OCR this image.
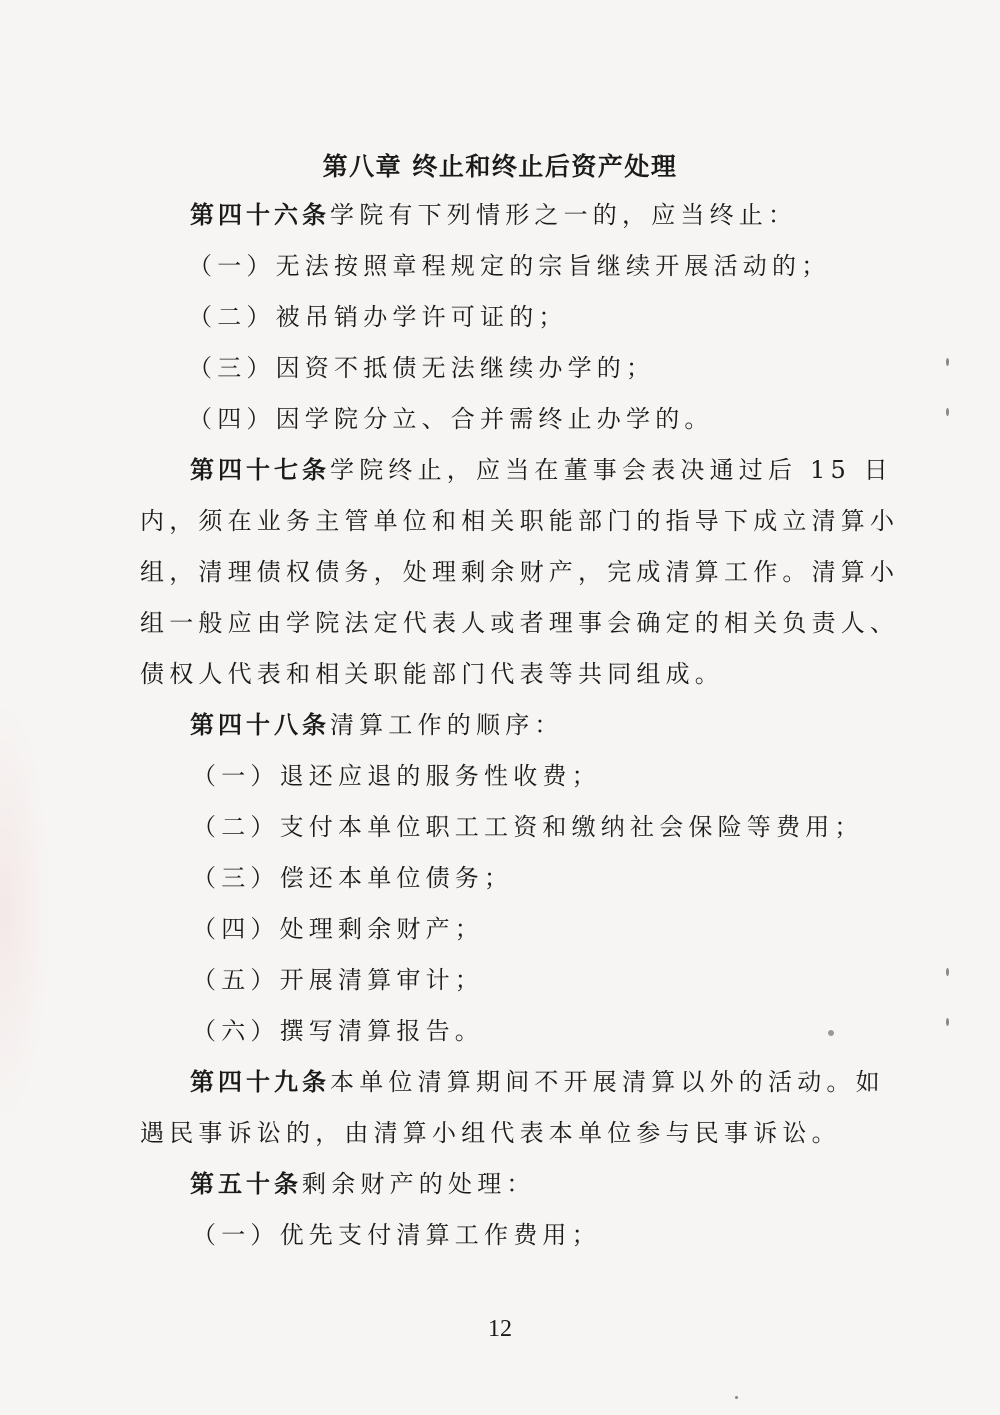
第八章 终止和终止后资产处理
第四十六条学院有下列情形之一的，应当终止：
（一）无法按照章程规定的宗旨继续开展活动的；
（二）被吊销办学许可证的；
（三）因资不抵债无法继续办学的；
（四）因学院分立、合并需终止办学的。
第四十七条学院终止，应当在董事会表决通过后 15 日
内，须在业务主管单位和相关职能部门的指导下成立清算小
组，清理债权债务，处理剩余财产，完成清算工作。清算小
组一般应由学院法定代表人或者理事会确定的相关负责人、
债权人代表和相关职能部门代表等共同组成。
第四十八条清算工作的顺序：
（一）退还应退的服务性收费；
（二）支付本单位职工工资和缴纳社会保险等费用；
（三）偿还本单位债务；
（四）处理剩余财产；
（五）开展清算审计；
（六）撰写清算报告。
第四十九条本单位清算期间不开展清算以外的活动。如
遇民事诉讼的，由清算小组代表本单位参与民事诉讼。
第五十条剩余财产的处理：
（一）优先支付清算工作费用；
12
